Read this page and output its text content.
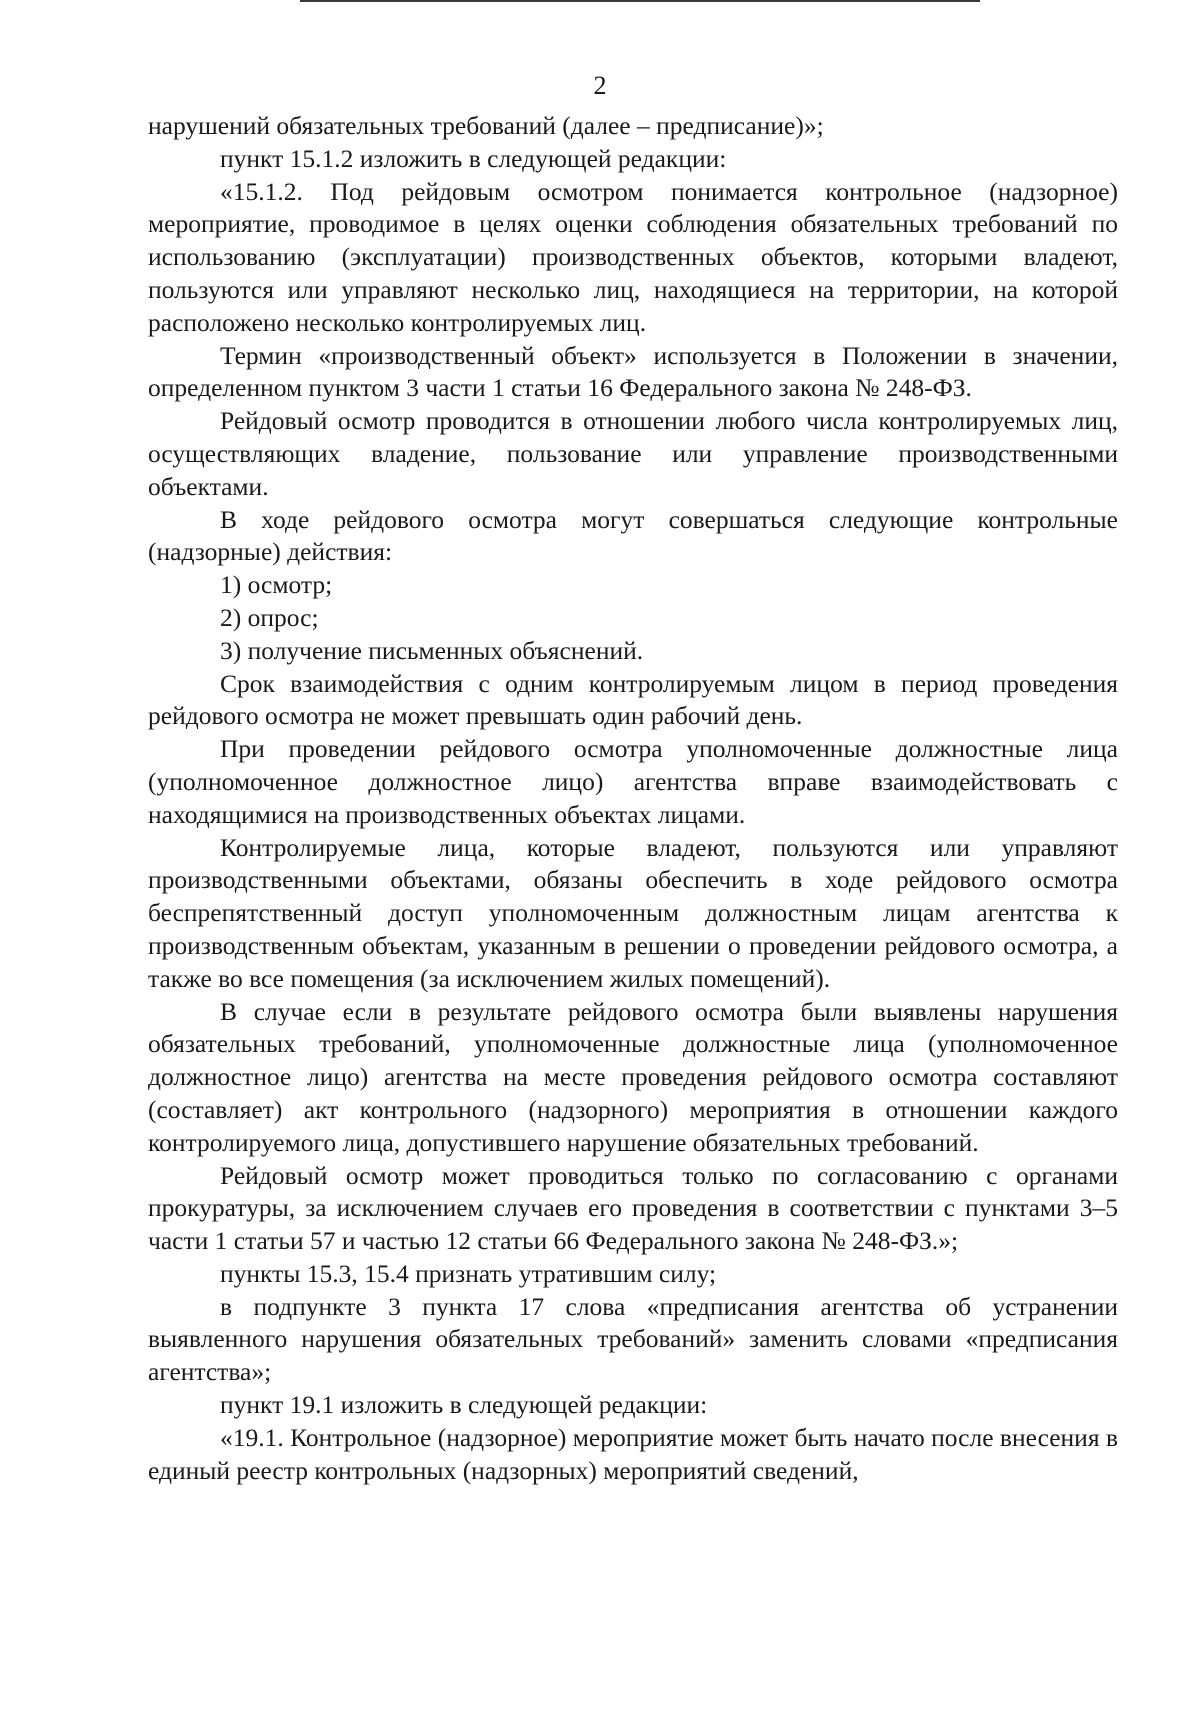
2

нарушений обязательных требований (далее – предписание)»;

пункт 15.1.2 изложить в следующей редакции:

«15.1.2. Под рейдовым осмотром понимается контрольное (надзорное) мероприятие, проводимое в целях оценки соблюдения обязательных требований по использованию (эксплуатации) производственных объектов, которыми владеют, пользуются или управляют несколько лиц, находящиеся на территории, на которой расположено несколько контролируемых лиц.

Термин «производственный объект» используется в Положении в значении, определенном пунктом 3 части 1 статьи 16 Федерального закона № 248-ФЗ.

Рейдовый осмотр проводится в отношении любого числа контролируемых лиц, осуществляющих владение, пользование или управление производственными объектами.

В ходе рейдового осмотра могут совершаться следующие контрольные (надзорные) действия:

1) осмотр;

2) опрос;

3) получение письменных объяснений.

Срок взаимодействия с одним контролируемым лицом в период проведения рейдового осмотра не может превышать один рабочий день.

При проведении рейдового осмотра уполномоченные должностные лица (уполномоченное должностное лицо) агентства вправе взаимодействовать с находящимися на производственных объектах лицами.

Контролируемые лица, которые владеют, пользуются или управляют производственными объектами, обязаны обеспечить в ходе рейдового осмотра беспрепятственный доступ уполномоченным должностным лицам агентства к производственным объектам, указанным в решении о проведении рейдового осмотра, а также во все помещения (за исключением жилых помещений).

В случае если в результате рейдового осмотра были выявлены нарушения обязательных требований, уполномоченные должностные лица (уполномоченное должностное лицо) агентства на месте проведения рейдового осмотра составляют (составляет) акт контрольного (надзорного) мероприятия в отношении каждого контролируемого лица, допустившего нарушение обязательных требований.

Рейдовый осмотр может проводиться только по согласованию с органами прокуратуры, за исключением случаев его проведения в соответствии с пунктами 3–5 части 1 статьи 57 и частью 12 статьи 66 Федерального закона № 248-ФЗ.»;

пункты 15.3, 15.4 признать утратившим силу;

в подпункте 3 пункта 17 слова «предписания агентства об устранении выявленного нарушения обязательных требований» заменить словами «предписания агентства»;

пункт 19.1 изложить в следующей редакции:

«19.1. Контрольное (надзорное) мероприятие может быть начато после внесения в единый реестр контрольных (надзорных) мероприятий сведений,
